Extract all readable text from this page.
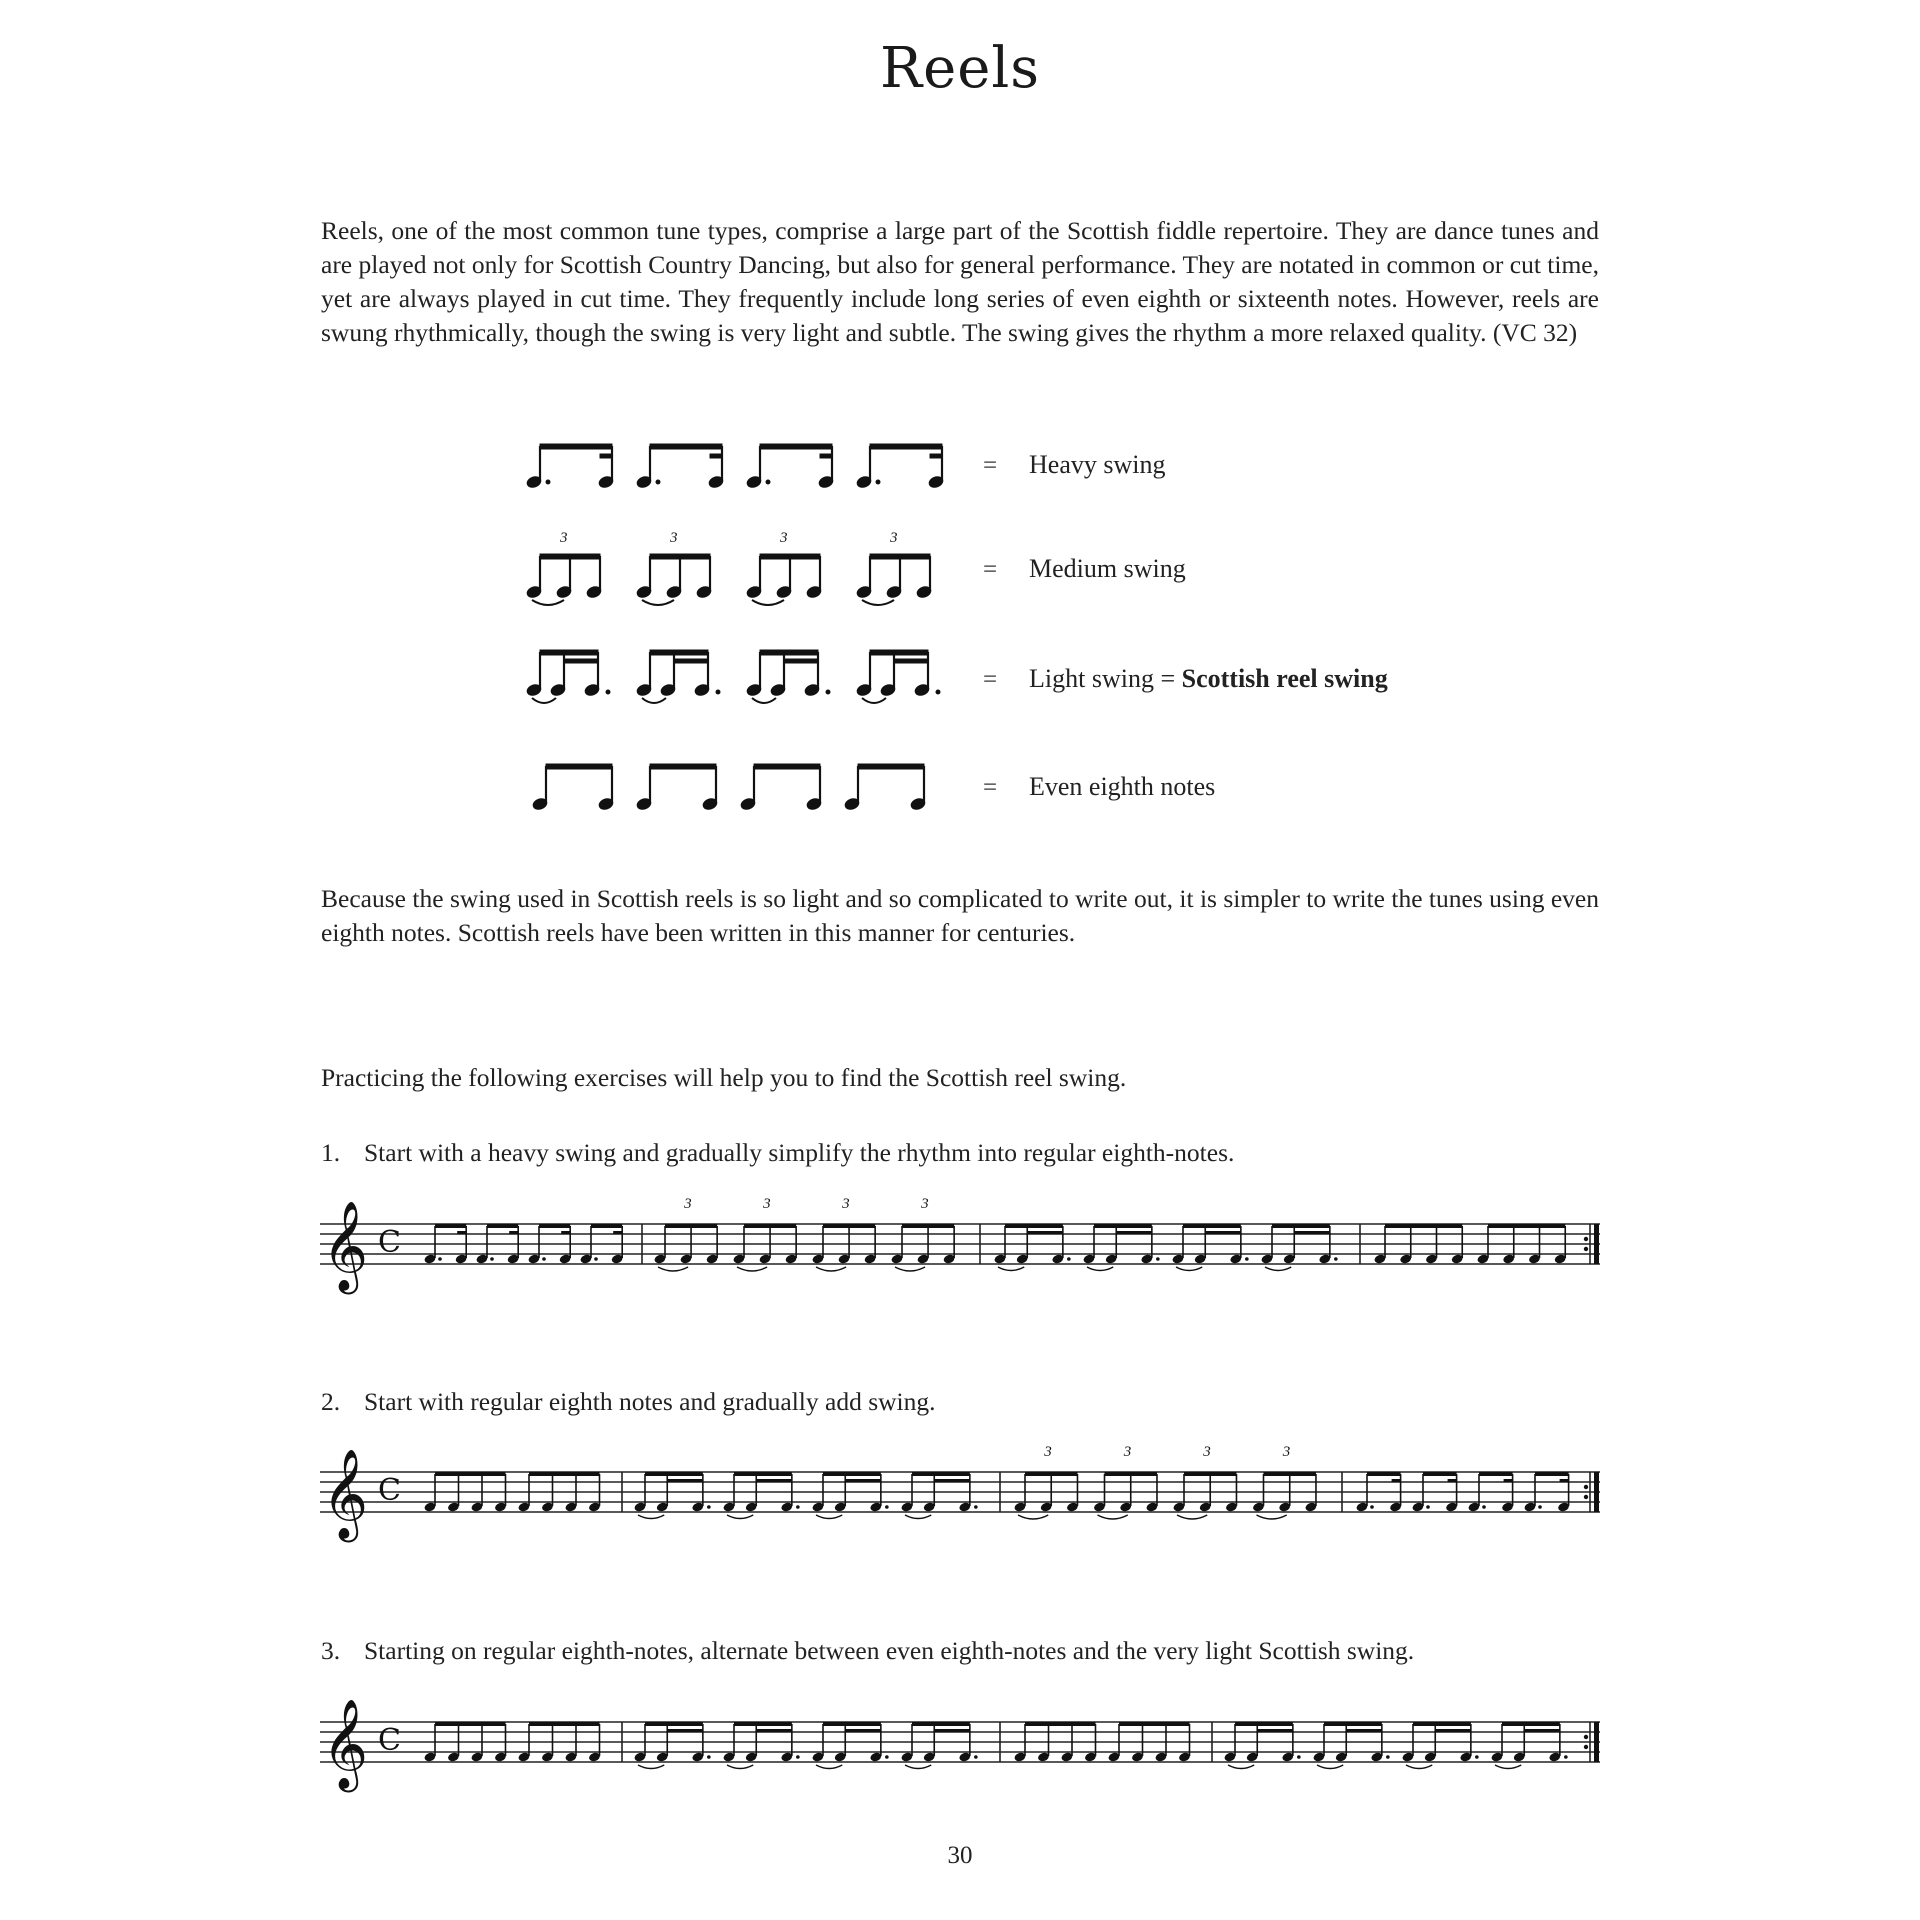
Reels
Reels, one of the most common tune types, comprise a large part of the Scottish fiddle repertoire. They are dance tunes and are played not only for Scottish Country Dancing, but also for general performance. They are notated in common or cut time, yet are always played in cut time. They frequently include long series of even eighth or sixteenth notes. However, reels are swung rhythmically, though the swing is very light and subtle. The swing gives the rhythm a more relaxed quality. (VC 32)
= Heavy swing
3	3	3	3
= Medium swing
= Light swing = Scottish reel swing
= Even eighth notes
Because the swing used in Scottish reels is so light and so complicated to write out, it is simpler to write the tunes using even eighth notes. Scottish reels have been written in this manner for centuries.
Practicing the following exercises will help you to find the Scottish reel swing.
1. Start with a heavy swing and gradually simplify the rhythm into regular eighth-notes.
𝄞 C
3	3	3	3
2. Start with regular eighth notes and gradually add swing.
𝄞 C
3	3	3	3
3. Starting on regular eighth-notes, alternate between even eighth-notes and the very light Scottish swing.
𝄞 C
30
